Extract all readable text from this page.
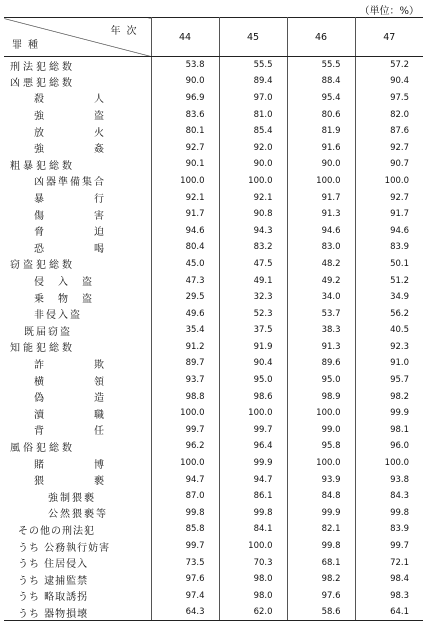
（単位：%）
年次
罪種	44	45	46	47
刑法犯総数	53.8	55.5	55.5	57.2
凶悪犯総数	90.0	89.4	88.4	90.4
殺　　　　人	96.9	97.0	95.4	97.5
強　　　　盗	83.6	81.0	80.6	82.0
放　　　　火	80.1	85.4	81.9	87.6
強　　　　姦	92.7	92.0	91.6	92.7
粗暴犯総数	90.1	90.0	90.0	90.7
凶器準備集合	100.0	100.0	100.0	100.0
暴　　　　行	92.1	92.1	91.7	92.7
傷　　　　害	91.7	90.8	91.3	91.7
脅　　　　迫	94.6	94.3	94.6	94.6
恐　　　　喝	80.4	83.2	83.0	83.9
窃盗犯総数	45.0	47.5	48.2	50.1
侵　入　盗	47.3	49.1	49.2	51.2
乗　物　盗	29.5	32.3	34.0	34.9
非侵入盗	49.6	52.3	53.7	56.2
既届窃盗	35.4	37.5	38.3	40.5
知能犯総数	91.2	91.9	91.3	92.3
詐　　　　欺	89.7	90.4	89.6	91.0
横　　　　領	93.7	95.0	95.0	95.7
偽　　　　造	98.8	98.6	98.9	98.2
瀆　　　　職	100.0	100.0	100.0	99.9
背　　　　任	99.7	99.7	99.0	98.1
風俗犯総数	96.2	96.4	95.8	96.0
賭　　　　博	100.0	99.9	100.0	100.0
猥　　　　褻	94.7	94.7	93.9	93.8
強制猥褻	87.0	86.1	84.8	84.3
公然猥褻等	99.8	99.8	99.9	99.8
その他の刑法犯	85.8	84.1	82.1	83.9
うち 公務執行妨害	99.7	100.0	99.8	99.7
うち 住居侵入	73.5	70.3	68.1	72.1
うち 逮捕監禁	97.6	98.0	98.2	98.4
うち 略取誘拐	97.4	98.0	97.6	98.3
うち 器物損壊	64.3	62.0	58.6	64.1
